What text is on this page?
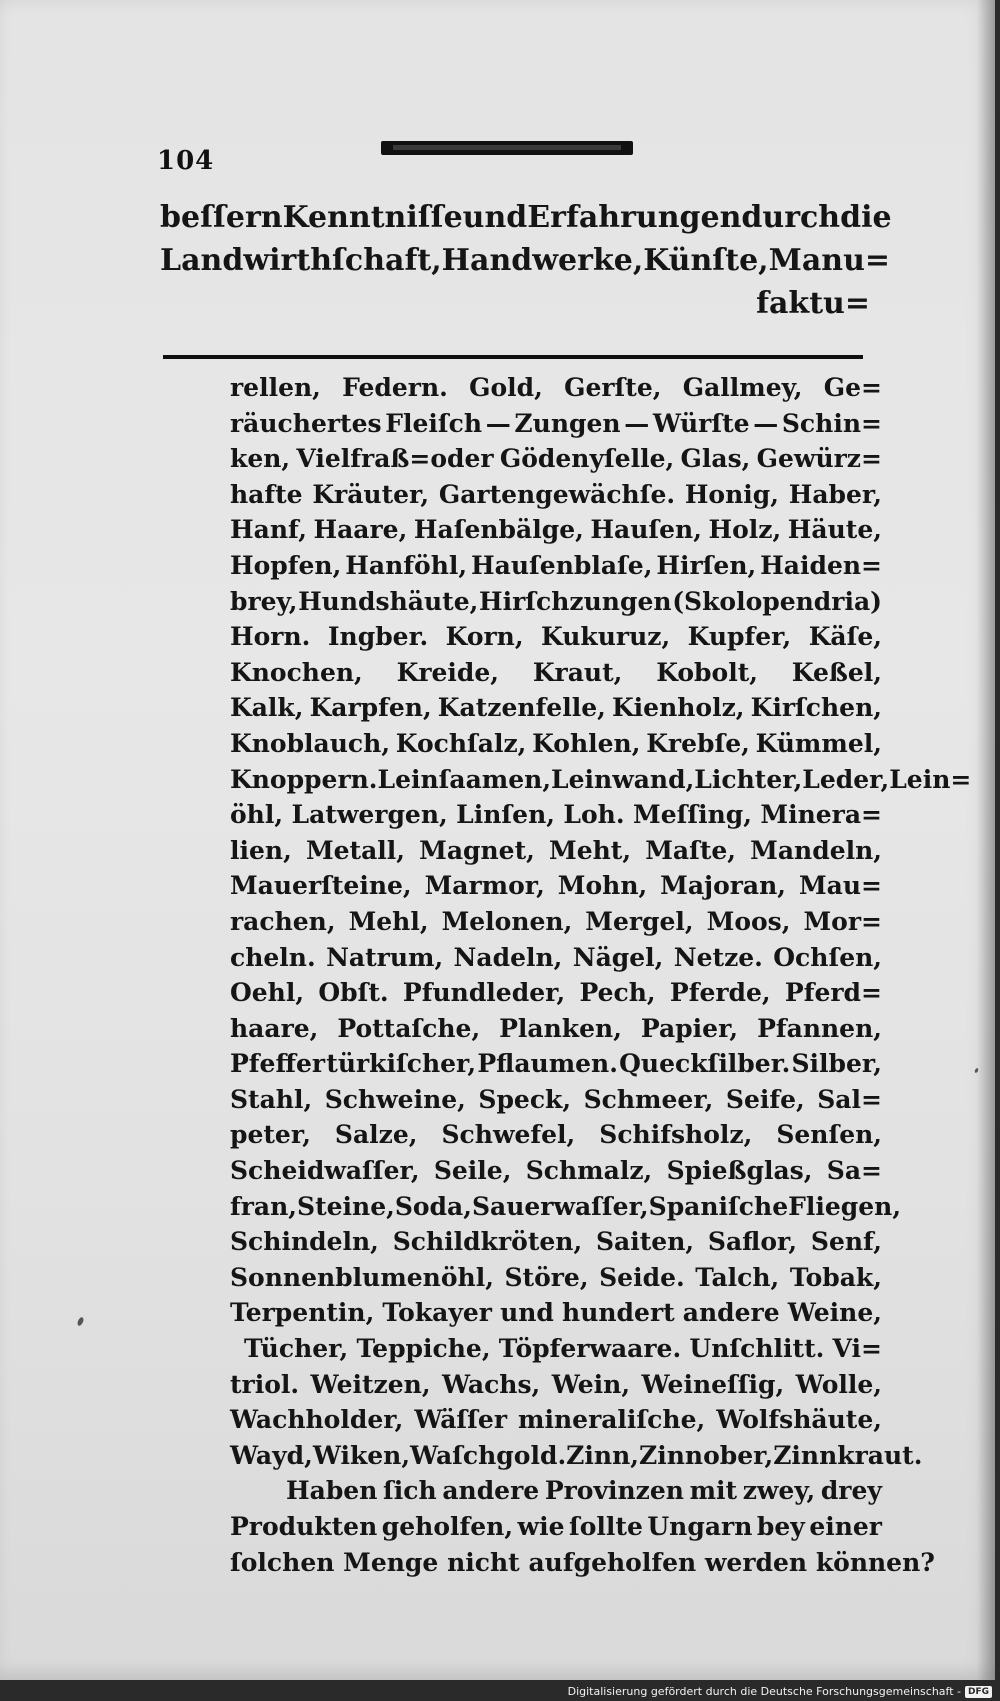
104
beſſern Kenntniſſe und Erfahrungen durch die
Landwirthſchaft, Handwerke, Künſte, Manu=
faktu=
rellen, Federn. Gold, Gerſte, Gallmey, Ge=
räuchertes Fleiſch — Zungen — Würſte — Schin=
ken, Vielfraß=oder Gödenyſelle, Glas, Gewürz=
hafte Kräuter, Gartengewächſe. Honig, Haber,
Hanf, Haare, Haſenbälge, Hauſen, Holz, Häute,
Hopfen, Hanföhl, Hauſenblaſe, Hirſen, Haiden=
brey, Hundshäute, Hirſchzungen (Skolopendria)
Horn. Ingber. Korn, Kukuruz, Kupfer, Käſe,
Knochen, Kreide, Kraut, Kobolt, Keßel,
Kalk, Karpfen, Katzenfelle, Kienholz, Kirſchen,
Knoblauch, Kochſalz, Kohlen, Krebſe, Kümmel,
Knoppern. Leinſaamen,Leinwand, Lichter, Leder, Lein=
öhl, Latwergen, Linſen, Loh. Meſſing, Minera=
lien, Metall, Magnet, Meht, Maſte, Mandeln,
Mauerſteine, Marmor, Mohn, Majoran, Mau=
rachen, Mehl, Melonen, Mergel, Moos, Mor=
cheln. Natrum, Nadeln, Nägel, Netze. Ochſen,
Oehl, Obſt. Pfundleder, Pech, Pferde, Pferd=
haare, Pottaſche, Planken, Papier, Pfannen,
Pfeffer türkiſcher, Pflaumen. Queckſilber. Silber,
Stahl, Schweine, Speck, Schmeer, Seife, Sal=
peter, Salze, Schwefel, Schifsholz, Senſen,
Scheidwaſſer, Seile, Schmalz, Spießglas, Sa=
fran, Steine, Soda, Sauerwaſſer, Spaniſche Fliegen,
Schindeln, Schildkröten, Saiten, Saflor, Senf,
Sonnenblumenöhl, Störe, Seide. Talch, Tobak,
Terpentin, Tokayer und hundert andere Weine,
Tücher, Teppiche, Töpferwaare. Unſchlitt. Vi=
triol. Weitzen, Wachs, Wein, Weineſſig, Wolle,
Wachholder, Wäſſer mineraliſche, Wolfshäute,
Wayd, Wiken,Waſchgold. Zinn, Zinnober, Zinnkraut.
Haben ſich andere Provinzen mit zwey, drey
Produkten geholfen, wie ſollte Ungarn bey einer
ſolchen Menge nicht aufgeholfen werden können?
Digitalisierung gefördert durch die Deutsche Forschungsgemeinschaft - DFG
